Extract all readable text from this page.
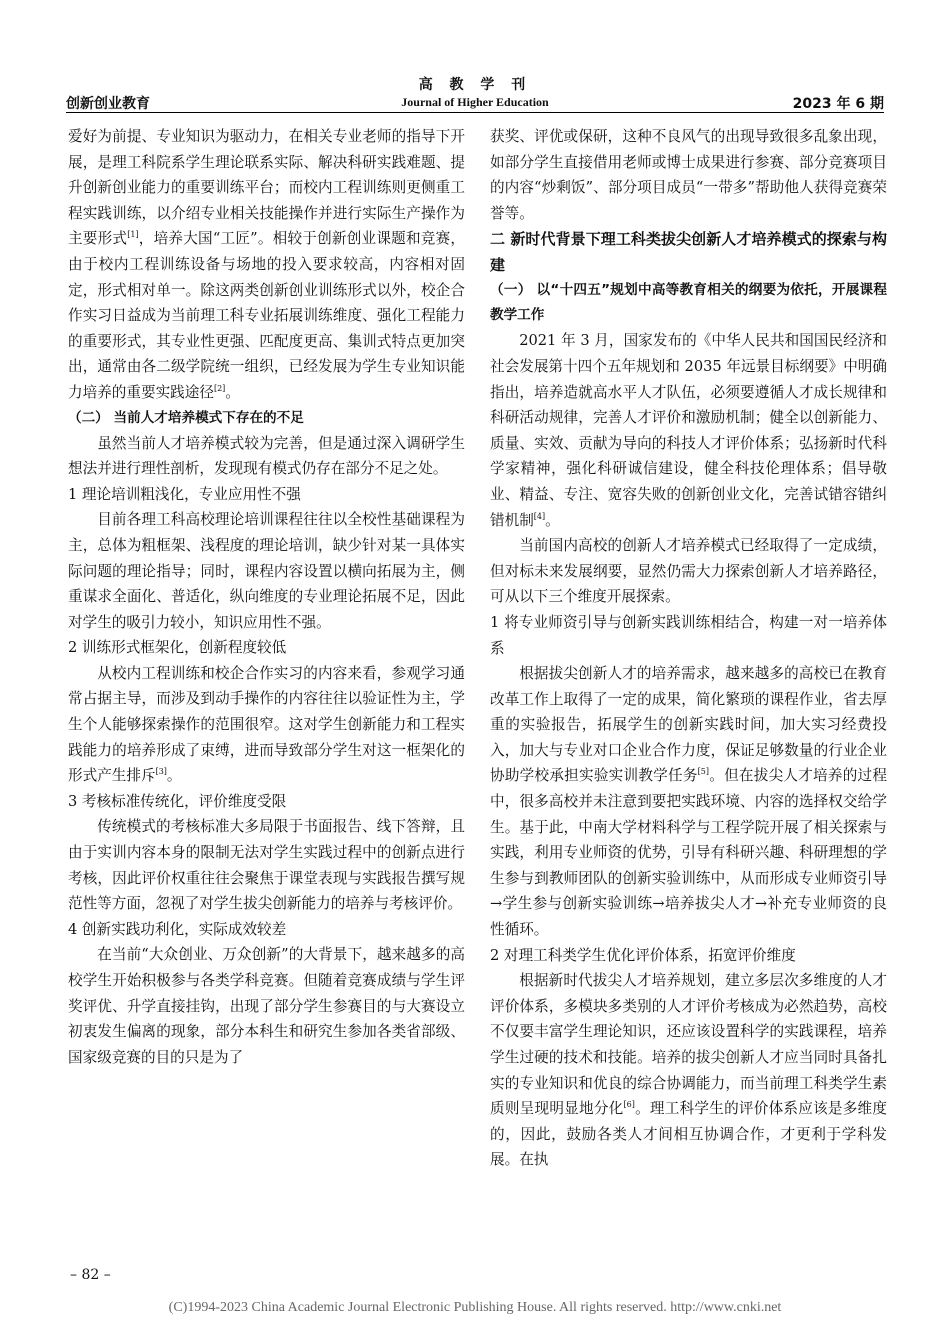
高 教 学 刊
Journal of Higher Education
创新创业教育	2023 年 6 期

爱好为前提、专业知识为驱动力，在相关专业老师的指导下开展，是理工科院系学生理论联系实际、解决科研实践难题、提升创新创业能力的重要训练平台；而校内工程训练则更侧重工程实践训练，以介绍专业相关技能操作并进行实际生产操作为主要形式[1]，培养大国“工匠”。相较于创新创业课题和竞赛，由于校内工程训练设备与场地的投入要求较高，内容相对固定，形式相对单一。除这两类创新创业训练形式以外，校企合作实习日益成为当前理工科专业拓展训练维度、强化工程能力的重要形式，其专业性更强、匹配度更高、集训式特点更加突出，通常由各二级学院统一组织，已经发展为学生专业知识能力培养的重要实践途径[2]。

（二） 当前人才培养模式下存在的不足

虽然当前人才培养模式较为完善，但是通过深入调研学生想法并进行理性剖析，发现现有模式仍存在部分不足之处。

1 理论培训粗浅化，专业应用性不强

目前各理工科高校理论培训课程往往以全校性基础课程为主，总体为粗框架、浅程度的理论培训，缺少针对某一具体实际问题的理论指导；同时，课程内容设置以横向拓展为主，侧重谋求全面化、普适化，纵向维度的专业理论拓展不足，因此对学生的吸引力较小，知识应用性不强。

2 训练形式框架化，创新程度较低

从校内工程训练和校企合作实习的内容来看，参观学习通常占据主导，而涉及到动手操作的内容往往以验证性为主，学生个人能够探索操作的范围很窄。这对学生创新能力和工程实践能力的培养形成了束缚，进而导致部分学生对这一框架化的形式产生排斥[3]。

3 考核标准传统化，评价维度受限

传统模式的考核标准大多局限于书面报告、线下答辩，且由于实训内容本身的限制无法对学生实践过程中的创新点进行考核，因此评价权重往往会聚焦于课堂表现与实践报告撰写规范性等方面，忽视了对学生拔尖创新能力的培养与考核评价。

4 创新实践功利化，实际成效较差

在当前“大众创业、万众创新”的大背景下，越来越多的高校学生开始积极参与各类学科竞赛。但随着竞赛成绩与学生评奖评优、升学直接挂钩，出现了部分学生参赛目的与大赛设立初衷发生偏离的现象，部分本科生和研究生参加各类省部级、国家级竞赛的目的只是为了

获奖、评优或保研，这种不良风气的出现导致很多乱象出现，如部分学生直接借用老师或博士成果进行参赛、部分竞赛项目的内容“炒剩饭”、部分项目成员“一带多”帮助他人获得竞赛荣誉等。

二 新时代背景下理工科类拔尖创新人才培养模式的探索与构建

（一） 以“十四五”规划中高等教育相关的纲要为依托，开展课程教学工作

2021 年 3 月，国家发布的《中华人民共和国国民经济和社会发展第十四个五年规划和 2035 年远景目标纲要》中明确指出，培养造就高水平人才队伍，必须要遵循人才成长规律和科研活动规律，完善人才评价和激励机制；健全以创新能力、质量、实效、贡献为导向的科技人才评价体系；弘扬新时代科学家精神，强化科研诚信建设，健全科技伦理体系；倡导敬业、精益、专注、宽容失败的创新创业文化，完善试错容错纠错机制[4]。

当前国内高校的创新人才培养模式已经取得了一定成绩，但对标未来发展纲要，显然仍需大力探索创新人才培养路径，可从以下三个维度开展探索。

1 将专业师资引导与创新实践训练相结合，构建一对一培养体系

根据拔尖创新人才的培养需求，越来越多的高校已在教育改革工作上取得了一定的成果，简化繁琐的课程作业，省去厚重的实验报告，拓展学生的创新实践时间，加大实习经费投入，加大与专业对口企业合作力度，保证足够数量的行业企业协助学校承担实验实训教学任务[5]。但在拔尖人才培养的过程中，很多高校并未注意到要把实践环境、内容的选择权交给学生。基于此，中南大学材料科学与工程学院开展了相关探索与实践，利用专业师资的优势，引导有科研兴趣、科研理想的学生参与到教师团队的创新实验训练中，从而形成专业师资引导→学生参与创新实验训练→培养拔尖人才→补充专业师资的良性循环。

2 对理工科类学生优化评价体系，拓宽评价维度

根据新时代拔尖人才培养规划，建立多层次多维度的人才评价体系，多模块多类别的人才评价考核成为必然趋势，高校不仅要丰富学生理论知识，还应该设置科学的实践课程，培养学生过硬的技术和技能。培养的拔尖创新人才应当同时具备扎实的专业知识和优良的综合协调能力，而当前理工科类学生素质则呈现明显地分化[6]。理工科学生的评价体系应该是多维度的，因此，鼓励各类人才间相互协调合作，才更利于学科发展。在执

– 82 –
(C)1994-2023 China Academic Journal Electronic Publishing House. All rights reserved. http://www.cnki.net
